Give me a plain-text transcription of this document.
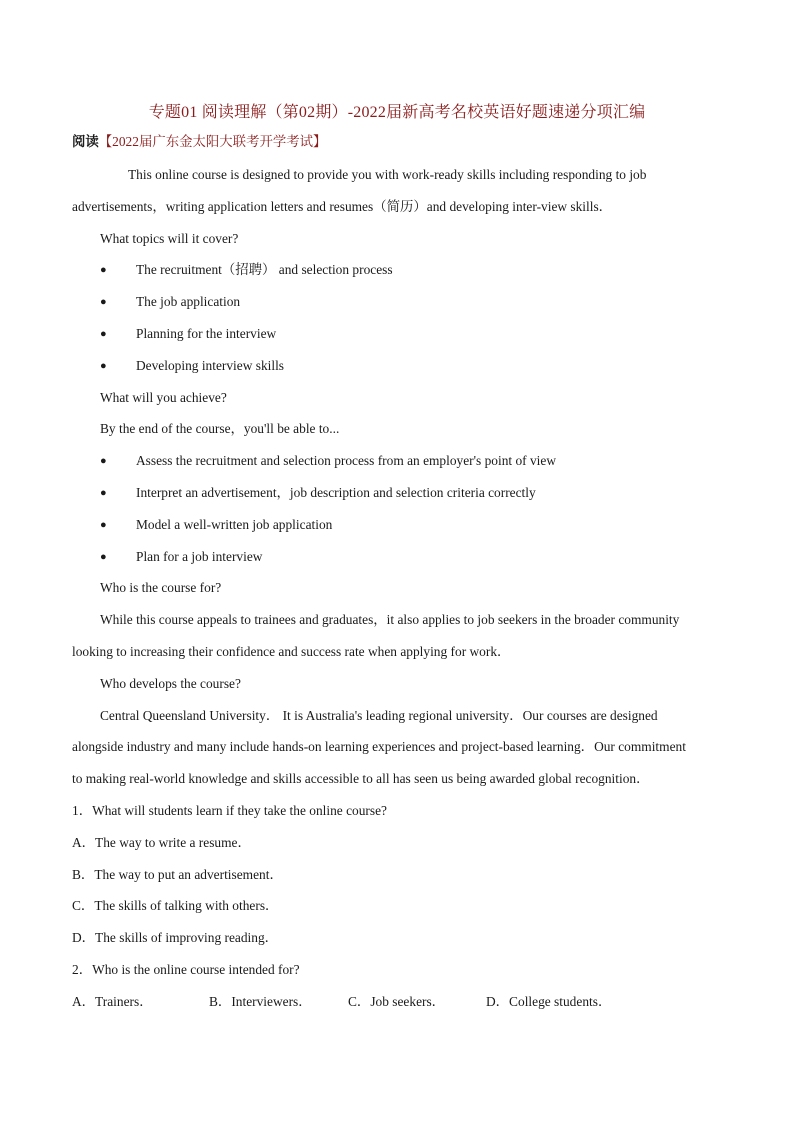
专题01 阅读理解（第02期）-2022届新高考名校英语好题速递分项汇编
阅读【2022届广东金太阳大联考开学考试】
This online course is designed to provide you with work-ready skills including responding to job
advertisements，writing application letters and resumes（简历）and developing inter-view skills．
What topics will it cover?
● The recruitment（招聘） and selection process
● The job application
● Planning for the interview
● Developing interview skills
What will you achieve?
By the end of the course，you'll be able to...
● Assess the recruitment and selection process from an employer's point of view
● Interpret an advertisement，job description and selection criteria correctly
● Model a well-written job application
● Plan for a job interview
Who is the course for?
While this course appeals to trainees and graduates，it also applies to job seekers in the broader community
looking to increasing their confidence and success rate when applying for work．
Who develops the course?
Central Queensland University． It is Australia's leading regional university．Our courses are designed
alongside industry and many include hands-on learning experiences and project-based learning．Our commitment
to making real-world knowledge and skills accessible to all has seen us being awarded global recognition．
1．What will students learn if they take the online course?
A．The way to write a resume．
B．The way to put an advertisement．
C．The skills of talking with others．
D．The skills of improving reading．
2．Who is the online course intended for?
A．Trainers．	B．Interviewers．	C．Job seekers．	D．College students．
